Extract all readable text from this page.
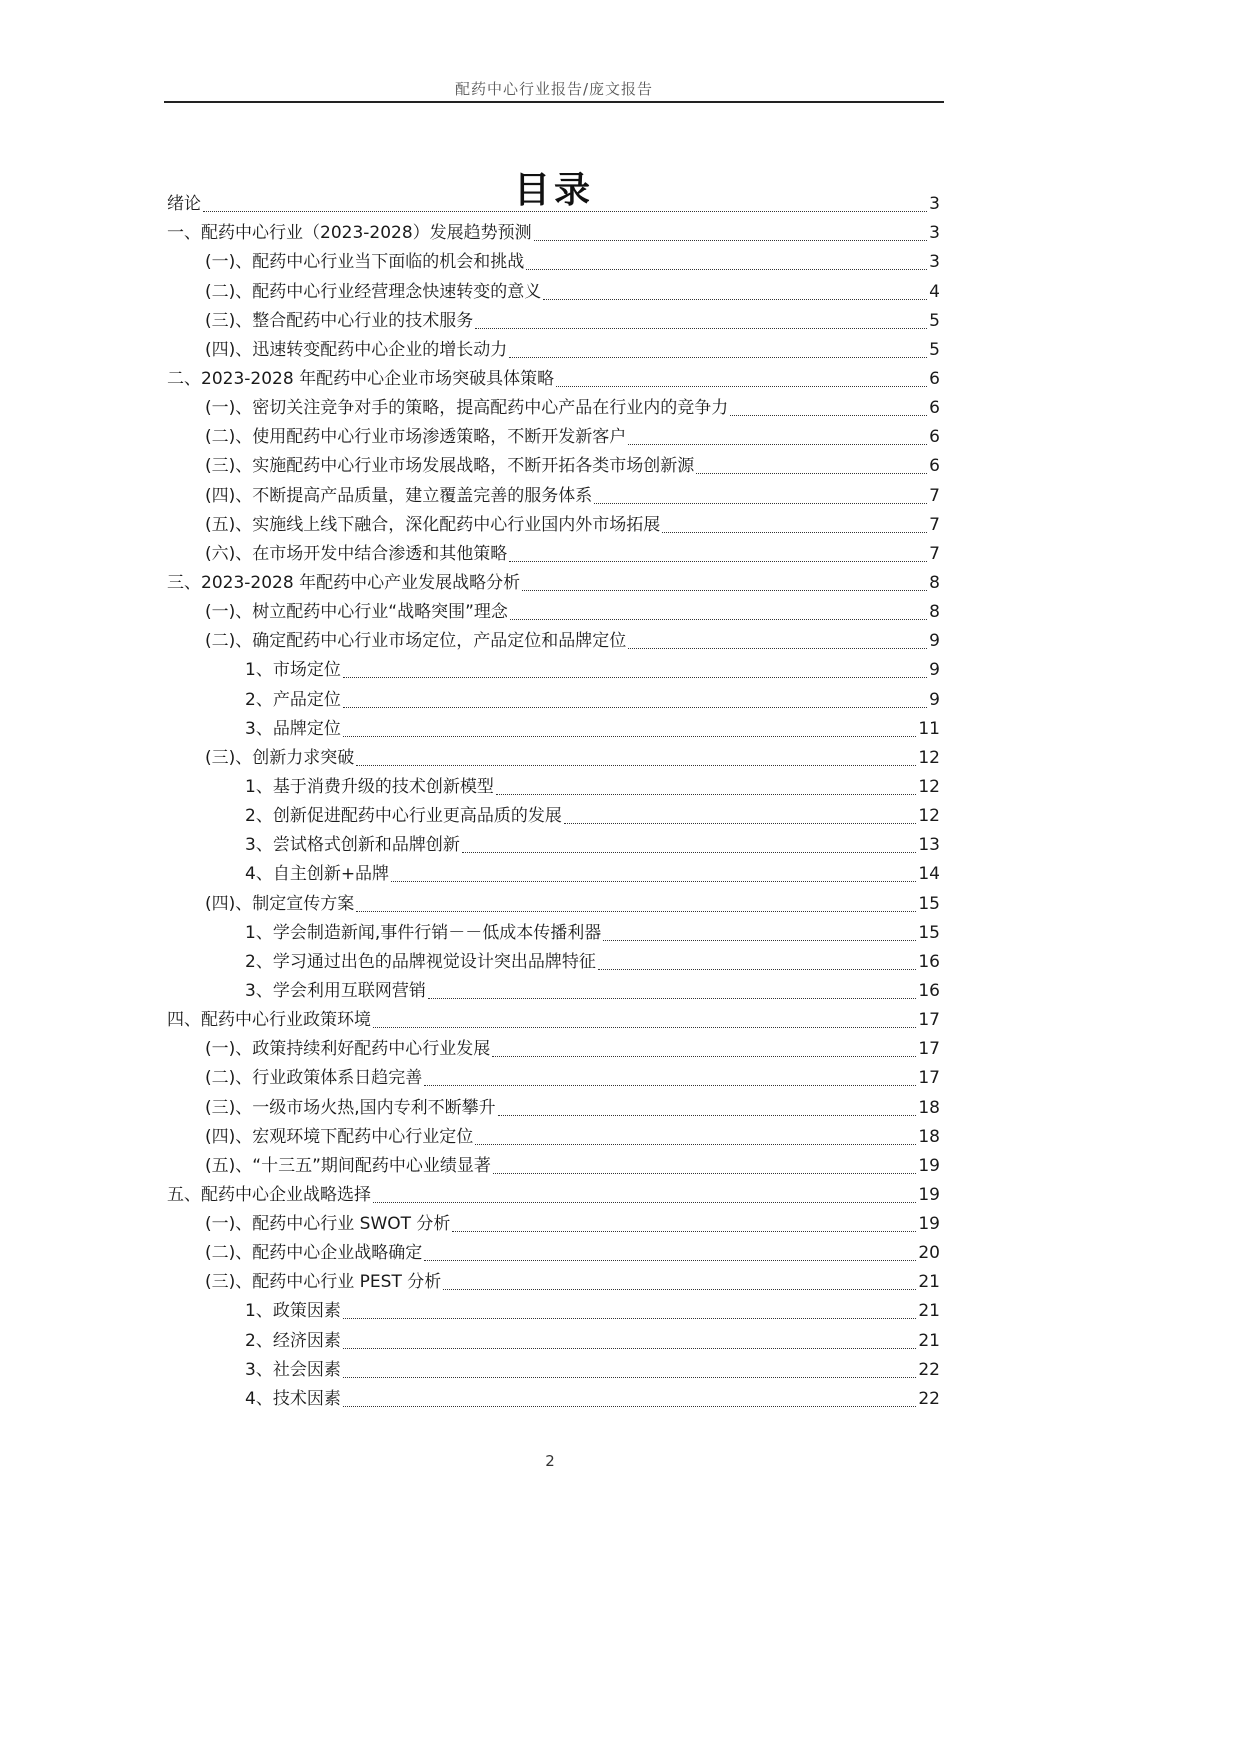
配药中心行业报告/庞文报告
目录
绪论	3
一、配药中心行业（2023-2028）发展趋势预测	3
(一)、配药中心行业当下面临的机会和挑战	3
(二)、配药中心行业经营理念快速转变的意义	4
(三)、整合配药中心行业的技术服务	5
(四)、迅速转变配药中心企业的增长动力	5
二、2023-2028 年配药中心企业市场突破具体策略	6
(一)、密切关注竞争对手的策略，提高配药中心产品在行业内的竞争力	6
(二)、使用配药中心行业市场渗透策略，不断开发新客户	6
(三)、实施配药中心行业市场发展战略，不断开拓各类市场创新源	6
(四)、不断提高产品质量，建立覆盖完善的服务体系	7
(五)、实施线上线下融合，深化配药中心行业国内外市场拓展	7
(六)、在市场开发中结合渗透和其他策略	7
三、2023-2028 年配药中心产业发展战略分析	8
(一)、树立配药中心行业“战略突围”理念	8
(二)、确定配药中心行业市场定位，产品定位和品牌定位	9
1、市场定位	9
2、产品定位	9
3、品牌定位	11
(三)、创新力求突破	12
1、基于消费升级的技术创新模型	12
2、创新促进配药中心行业更高品质的发展	12
3、尝试格式创新和品牌创新	13
4、自主创新+品牌	14
(四)、制定宣传方案	15
1、学会制造新闻,事件行销－－低成本传播利器	15
2、学习通过出色的品牌视觉设计突出品牌特征	16
3、学会利用互联网营销	16
四、配药中心行业政策环境	17
(一)、政策持续利好配药中心行业发展	17
(二)、行业政策体系日趋完善	17
(三)、一级市场火热,国内专利不断攀升	18
(四)、宏观环境下配药中心行业定位	18
(五)、“十三五”期间配药中心业绩显著	19
五、配药中心企业战略选择	19
(一)、配药中心行业 SWOT 分析	19
(二)、配药中心企业战略确定	20
(三)、配药中心行业 PEST 分析	21
1、政策因素	21
2、经济因素	21
3、社会因素	22
4、技术因素	22
2
